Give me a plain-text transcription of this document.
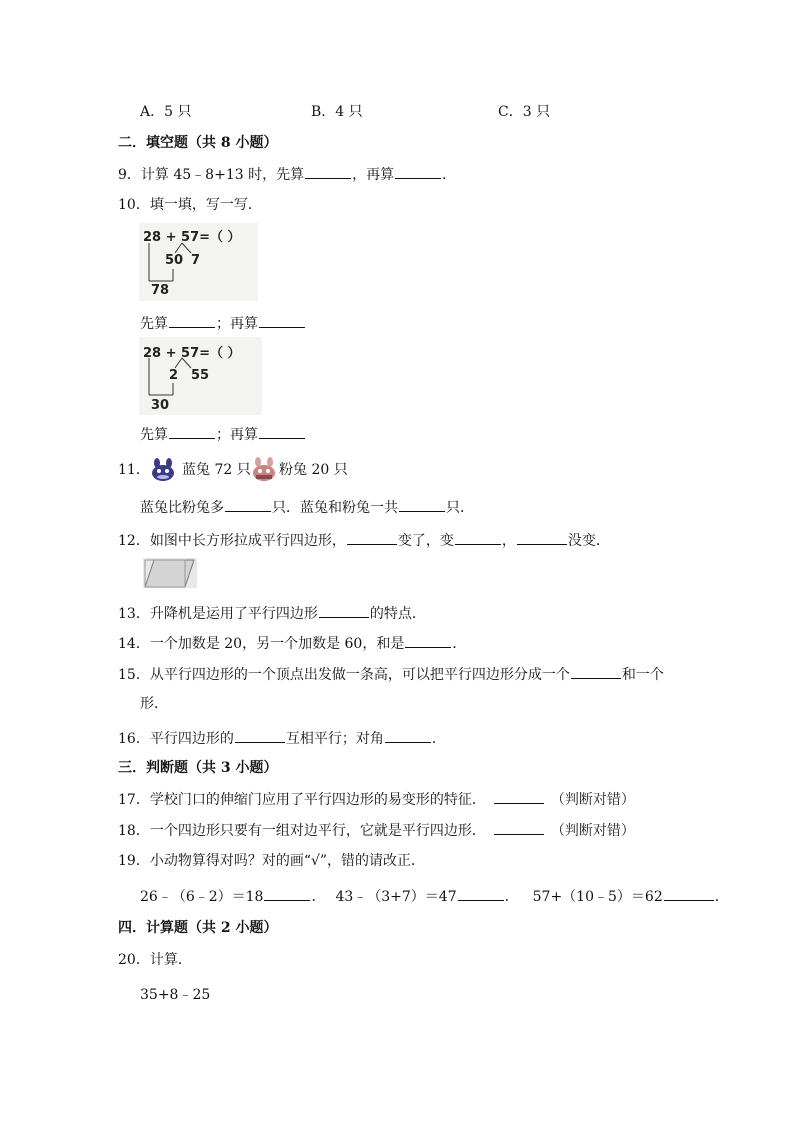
A．5 只	B．4 只	C．3 只
二．填空题（共 8 小题）
9．计算 45﹣8+13 时，先算	，再算	．
10．填一填，写一写．
28 + 57=（ ）
50 7
78
先算	；再算
28 + 57=（ ）
2 55
30
先算	；再算
11． 蓝兔 72 只 粉兔 20 只
蓝兔比粉兔多	只．蓝兔和粉兔一共	只．
12．如图中长方形拉成平行四边形，	变了，变	，	没变．
13．升降机是运用了平行四边形	的特点．
14．一个加数是 20，另一个加数是 60，和是	．
15．从平行四边形的一个顶点出发做一条高，可以把平行四边形分成一个	和一个
形．
16．平行四边形的	互相平行；对角	．
三．判断题（共 3 小题）
17．学校门口的伸缩门应用了平行四边形的易变形的特征．	（判断对错）
18．一个四边形只要有一组对边平行，它就是平行四边形．	（判断对错）
19．小动物算得对吗？对的画“√”，错的请改正．
26﹣（6﹣2）＝18	． 43﹣（3+7）＝47	． 57+（10﹣5）＝62	．
四．计算题（共 2 小题）
20．计算．
35+8﹣25
